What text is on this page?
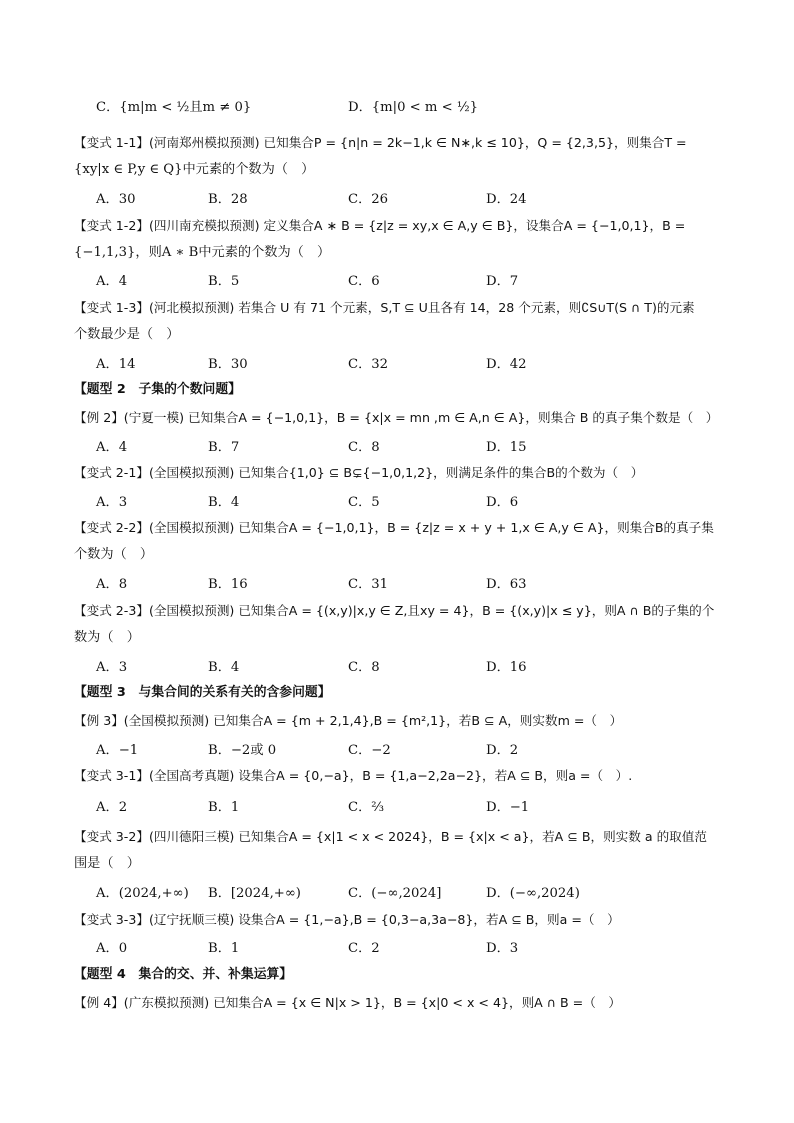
C．{m|m < ½且m ≠ 0}	D．{m|0 < m < ½}
【变式 1-1】(河南郑州模拟预测) 已知集合P = {n|n = 2k−1,k ∈ N∗,k ≤ 10}，Q = {2,3,5}，则集合T =
{xy|x ∈ P,y ∈ Q}中元素的个数为（　）
A．30	B．28	C．26	D．24
【变式 1-2】(四川南充模拟预测) 定义集合A ∗ B = {z|z = xy,x ∈ A,y ∈ B}，设集合A = {−1,0,1}，B =
{−1,1,3}，则A ∗ B中元素的个数为（　）
A．4	B．5	C．6	D．7
【变式 1-3】(河北模拟预测) 若集合 U 有 71 个元素，S,T ⊆ U且各有 14，28 个元素，则∁S∪T(S ∩ T)的元素
个数最少是（　）
A．14	B．30	C．32	D．42
【题型 2　子集的个数问题】
【例 2】(宁夏一模) 已知集合A = {−1,0,1}，B = {x|x = mn ,m ∈ A,n ∈ A}，则集合 B 的真子集个数是（　）
A．4	B．7	C．8	D．15
【变式 2-1】(全国模拟预测) 已知集合{1,0} ⊆ B⊊{−1,0,1,2}，则满足条件的集合B的个数为（　）
A．3	B．4	C．5	D．6
【变式 2-2】(全国模拟预测) 已知集合A = {−1,0,1}，B = {z|z = x + y + 1,x ∈ A,y ∈ A}，则集合B的真子集
个数为（　）
A．8	B．16	C．31	D．63
【变式 2-3】(全国模拟预测) 已知集合A = {(x,y)|x,y ∈ Z,且xy = 4}，B = {(x,y)|x ≤ y}，则A ∩ B的子集的个
数为（　）
A．3	B．4	C．8	D．16
【题型 3　与集合间的关系有关的含参问题】
【例 3】(全国模拟预测) 已知集合A = {m + 2,1,4},B = {m²,1}，若B ⊆ A，则实数m =（　）
A．−1	B．−2或 0	C．−2	D．2
【变式 3-1】(全国高考真题) 设集合A = {0,−a}，B = {1,a−2,2a−2}，若A ⊆ B，则a =（　）.
A．2	B．1	C．⅔	D．−1
【变式 3-2】(四川德阳三模) 已知集合A = {x|1 < x < 2024}，B = {x|x < a}，若A ⊆ B，则实数 a 的取值范
围是（　）
A．(2024,+∞) B．[2024,+∞)	C．(−∞,2024]	D．(−∞,2024)
【变式 3-3】(辽宁抚顺三模) 设集合A = {1,−a},B = {0,3−a,3a−8}，若A ⊆ B，则a =（　）
A．0	B．1	C．2	D．3
【题型 4　集合的交、并、补集运算】
【例 4】(广东模拟预测) 已知集合A = {x ∈ N|x > 1}，B = {x|0 < x < 4}，则A ∩ B =（　）
